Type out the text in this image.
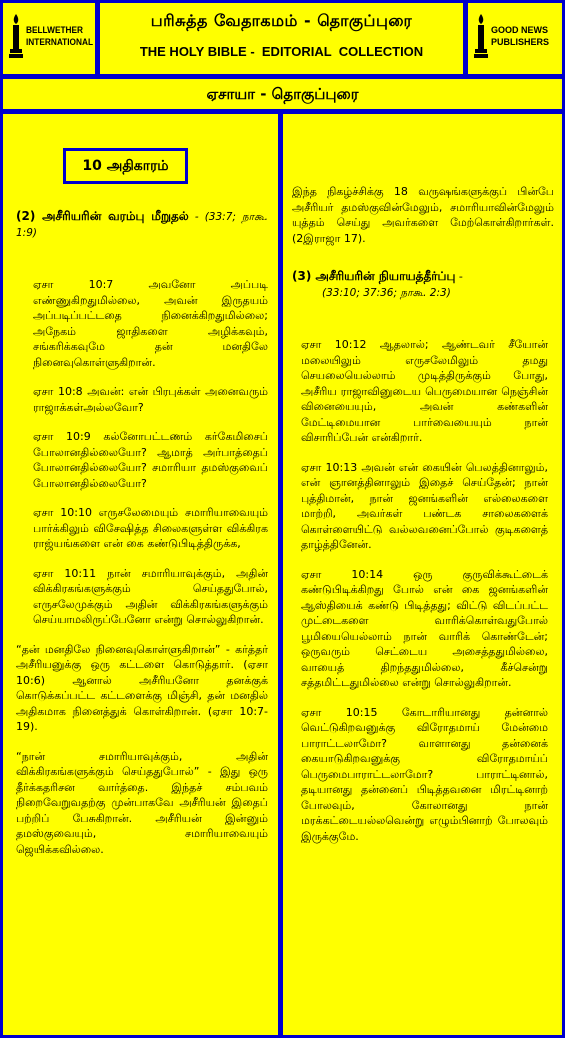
BELLWETHER
INTERNATIONAL
பரிசுத்த வேதாகமம் - தொகுப்புரை
THE HOLY BIBLE -  EDITORIAL  COLLECTION
GOOD NEWS
PUBLISHERS
ஏசாயா - தொகுப்புரை
10 அதிகாரம்
(2) அசீரியரின் வரம்பு மீறுதல் - (33:7; நாகூ. 1:9)
ஏசா 10:7 அவனோ அப்படி எண்ணுகிறதுமில்லை, அவன் இருதயம் அப்படிப்பட்டதை நினைக்கிறதுமில்லை; அநேகம் ஜாதிகளை அழிக்கவும், சங்கரிக்கவுமே தன் மனதிலே நினைவுகொள்ளுகிறான்.
ஏசா 10:8 அவன்: என் பிரபுக்கள் அனைவரும் ராஜாக்கள்அல்லவோ?
ஏசா 10:9 கல்னோபட்டணம் கர்கேமிசைப் போலானதில்லையோ? ஆமாத் அர்பாத்தைப் போலானதில்லையோ? சமாரியா தமஸ்குவைப் போலானதில்லையோ?
ஏசா 10:10 எருசலேமையும் சமாரியாவையும் பார்க்கிலும் விசேஷித்த சிலைகளுள்ள விக்கிரக ராஜ்யங்களை என் கை கண்டுபிடித்திருக்க,
ஏசா 10:11 நான் சமாரியாவுக்கும், அதின் விக்கிரகங்களுக்கும் செய்ததுபோல், எருசலேமுக்கும் அதின் விக்கிரகங்களுக்கும் செய்யாமலிருப்பேனோ என்று சொல்லுகிறான்.
“தன் மனதிலே நினைவுகொள்ளுகிறான்” - கர்த்தர் அசீரியனுக்கு ஒரு கட்டளை கொடுத்தார். (ஏசா 10:6) ஆனால் அசீரியனோ தனக்குக் கொடுக்கப்பட்ட கட்டளைக்கு மிஞ்சி, தன் மனதில் அதிகமாக நினைத்துக் கொள்கிறான். (ஏசா 10:7-19).
“நான் சமாரியாவுக்கும், அதின் விக்கிரகங்களுக்கும் செய்ததுபோல்” - இது ஒரு தீர்க்கதரிசன வார்த்தை. இந்தச் சம்பவம் நிறைவேறுவதற்கு முன்பாகவே அசீரியன் இதைப் பற்றிப் பேசுகிறான். அசீரியன் இன்னும் தமஸ்குவையும், சமாரியாவையும் ஜெயிக்கவில்லை.
இந்த நிகழ்ச்சிக்கு 18 வருஷங்களுக்குப் பின்பே அசீரியர் தமஸ்குவின்மேலும், சமாரியாவின்மேலும் யுத்தம் செய்து அவர்களை மேற்கொள்கிறார்கள். (2இராஜா 17).
(3) அசீரியரின் நியாயத்தீர்ப்பு -
(33:10; 37:36; நாகூ. 2:3)
ஏசா 10:12 ஆதலால்; ஆண்டவர் சீயோன் மலையிலும் எருசலேமிலும் தமது செயலையெல்லாம் முடித்திருக்கும் போது, அசீரிய ராஜாவினுடைய பெருமையான நெஞ்சின் வினையையும், அவன் கண்களின் மேட்டிமையான பார்வையையும் நான் விசாரிப்பேன் என்கிறார்.
ஏசா 10:13 அவன் என் கையின் பெலத்தினாலும், என் ஞானத்தினாலும் இதைச் செய்தேன்; நான் புத்திமான், நான் ஜனங்களின் எல்லைகளை மாற்றி, அவர்கள் பண்டக சாலைகளைக் கொள்ளையிட்டு வல்லவனைப்போல் குடிகளைத் தாழ்த்தினேன்.
ஏசா 10:14 ஒரு குருவிக்கூட்டைக் கண்டுபிடிக்கிறது போல் என் கை ஜனங்களின் ஆஸ்தியைக் கண்டு பிடித்தது; விட்டு விடப்பட்ட முட்டைகளை வாரிக்கொள்வதுபோல் பூமியையெல்லாம் நான் வாரிக் கொண்டேன்; ஒருவரும் செட்டைய அசைத்ததுமில்லை, வாயைத் திறந்ததுமில்லை, கீச்சென்று சத்தமிட்டதுமில்லை என்று சொல்லுகிறான்.
ஏசா 10:15 கோடாரியானது தன்னால் வெட்டுகிறவனுக்கு விரோதமாய் மேன்மை பாராட்டலாமோ? வாளானது தன்னைக் கையாடுகிறவனுக்கு விரோதமாய்ப் பெருமைபாராட்டலாமோ? பாராட்டினால், தடியானது தன்னைப் பிடித்தவனை மிரட்டினாற் போலவும், கோலானது நான் மரக்கட்டையல்லவென்று எழும்பினாற் போலவும் இருக்குமே.
